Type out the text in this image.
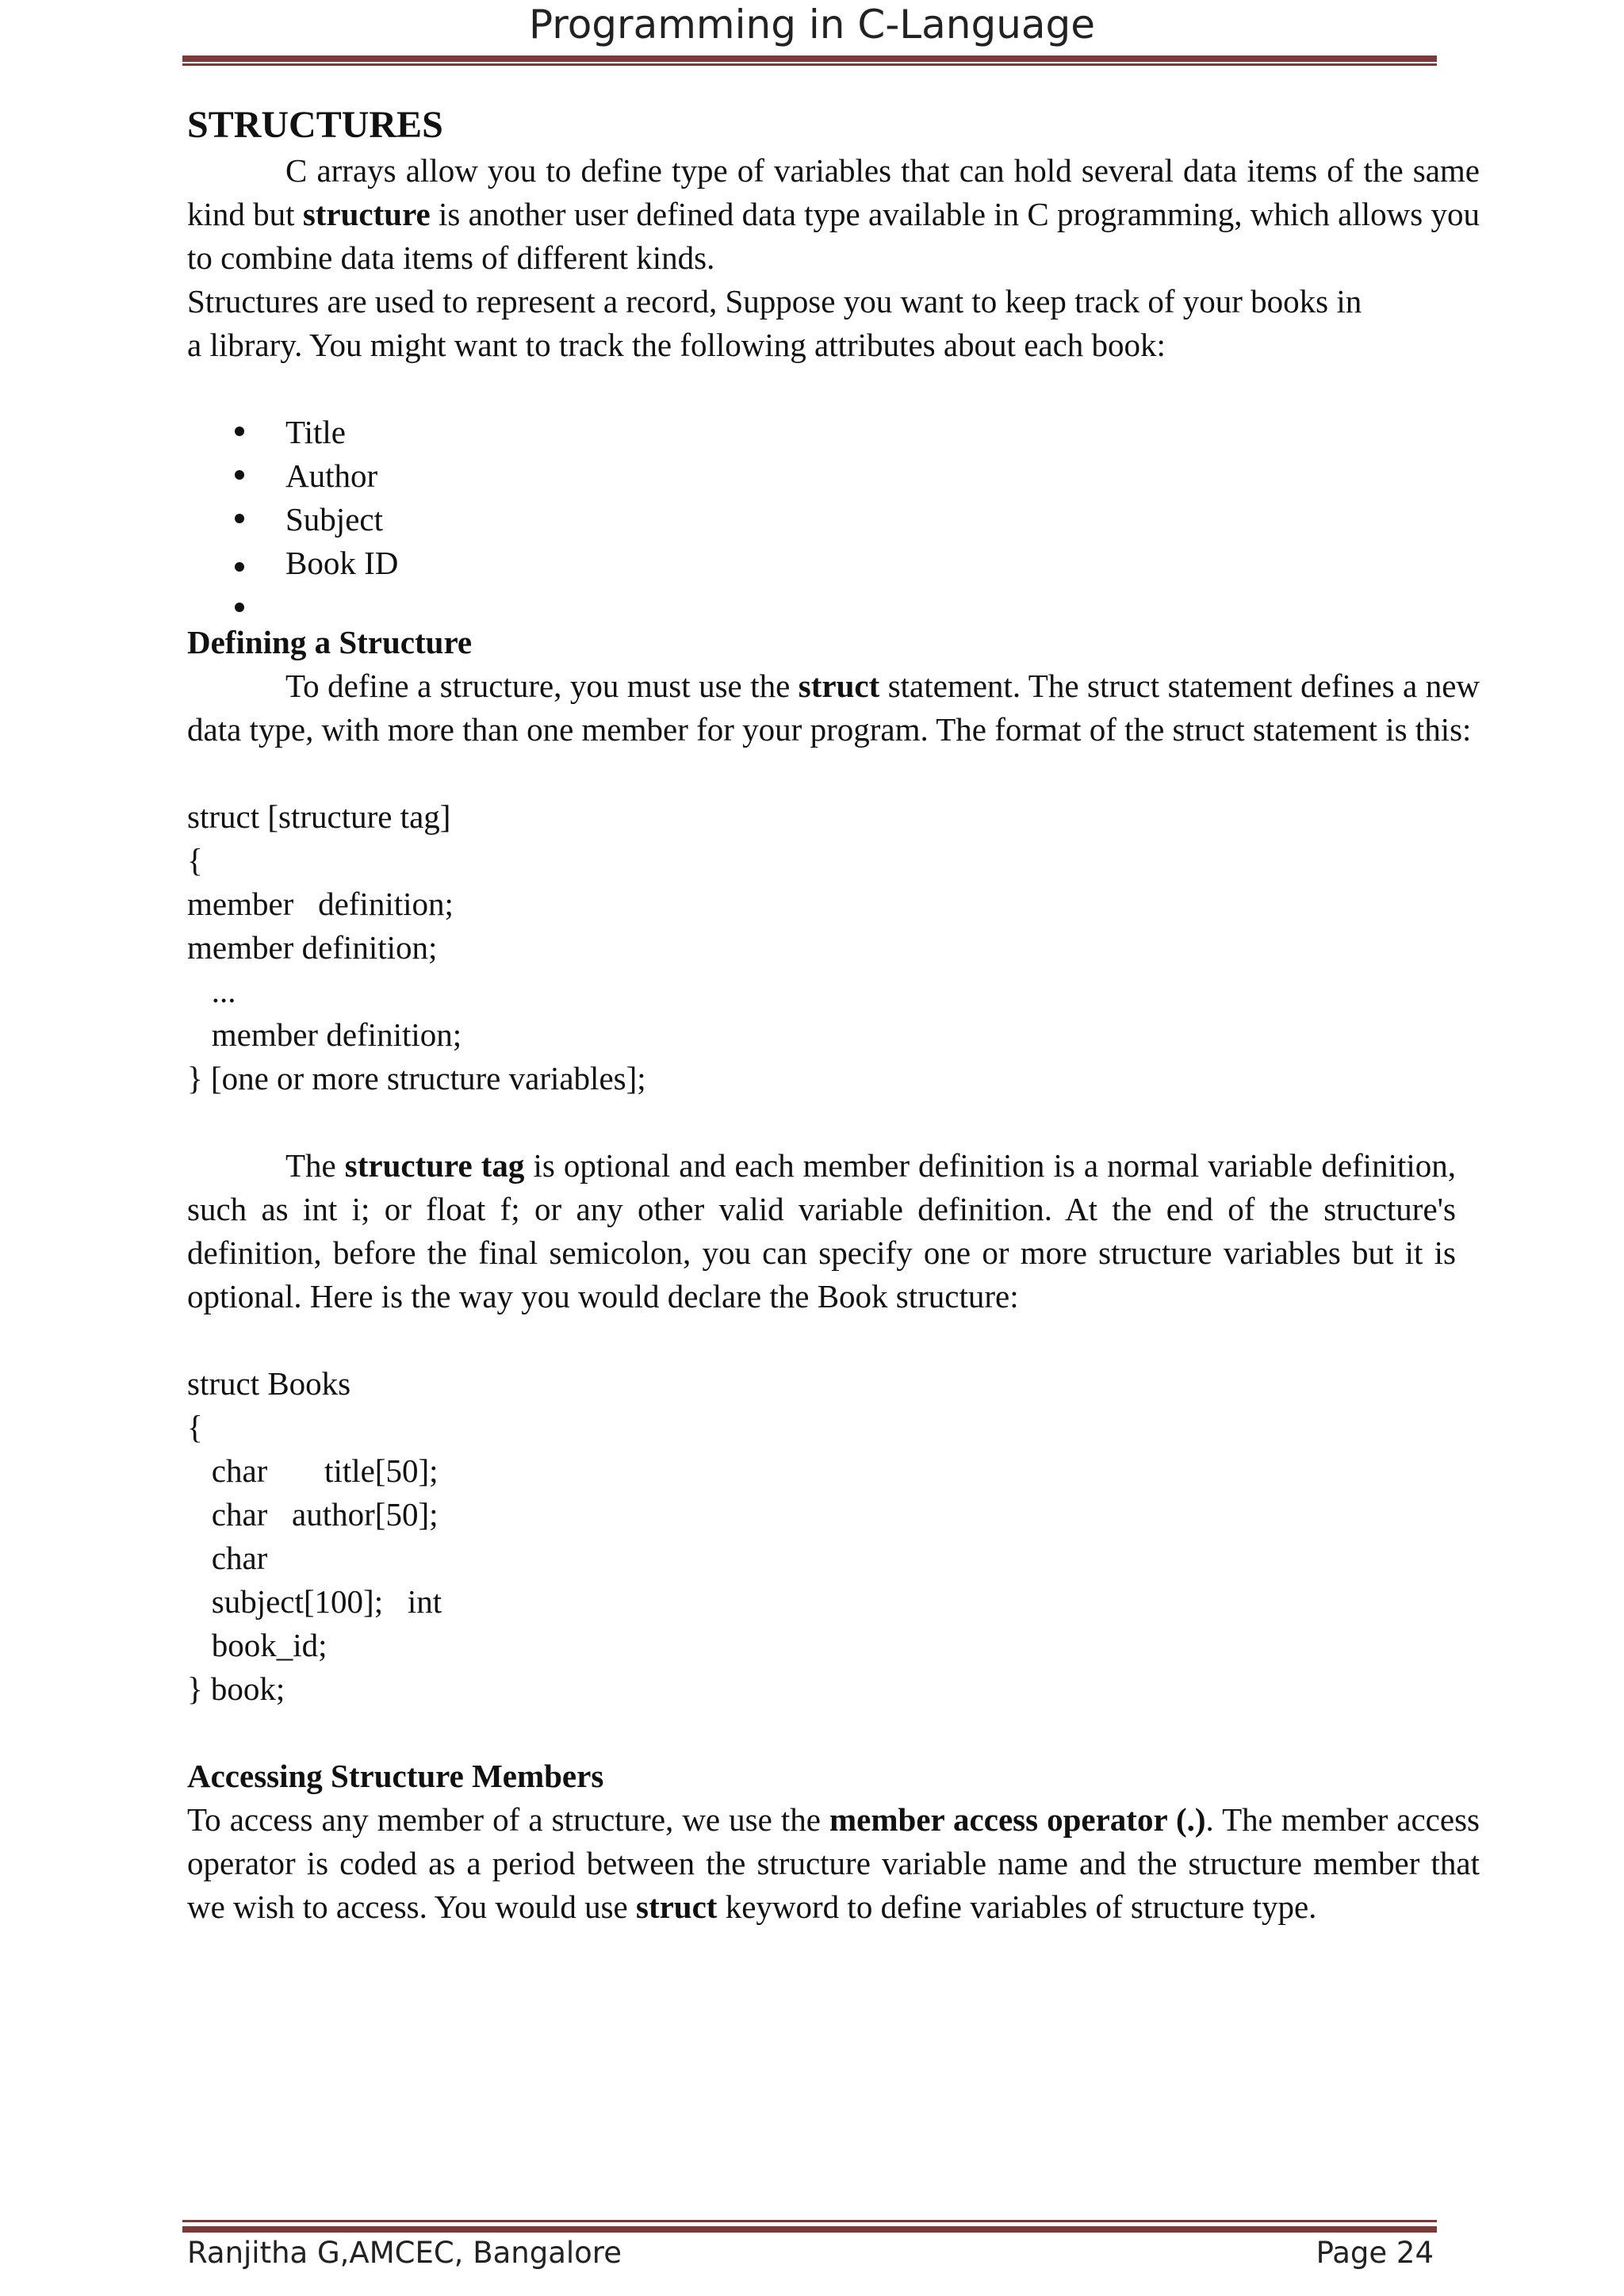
Programming in C-Language

STRUCTURES

C arrays allow you to define type of variables that can hold several data items of the same kind but structure is another user defined data type available in C programming, which allows you to combine data items of different kinds.

Structures are used to represent a record, Suppose you want to keep track of your books in

a library. You might want to track the following attributes about each book:

Title
Author
Subject
Book ID

Defining a Structure

To define a structure, you must use the struct statement. The struct statement defines a new data type, with more than one member for your program. The format of the struct statement is this:

struct [structure tag]

{

member   definition;

member definition;

...

member definition;

} [one or more structure variables];

The structure tag is optional and each member definition is a normal variable definition, such as int i; or float f; or any other valid variable definition. At the end of the structure's definition, before the final semicolon, you can specify one or more structure variables but it is optional. Here is the way you would declare the Book structure:

struct Books

{

char       title[50];

char   author[50];

char

subject[100];   int

book_id;

} book;

Accessing Structure Members

To access any member of a structure, we use the member access operator (.). The member access operator is coded as a period between the structure variable name and the structure member that we wish to access. You would use struct keyword to define variables of structure type.

Ranjitha G,AMCEC, Bangalore	Page 24
